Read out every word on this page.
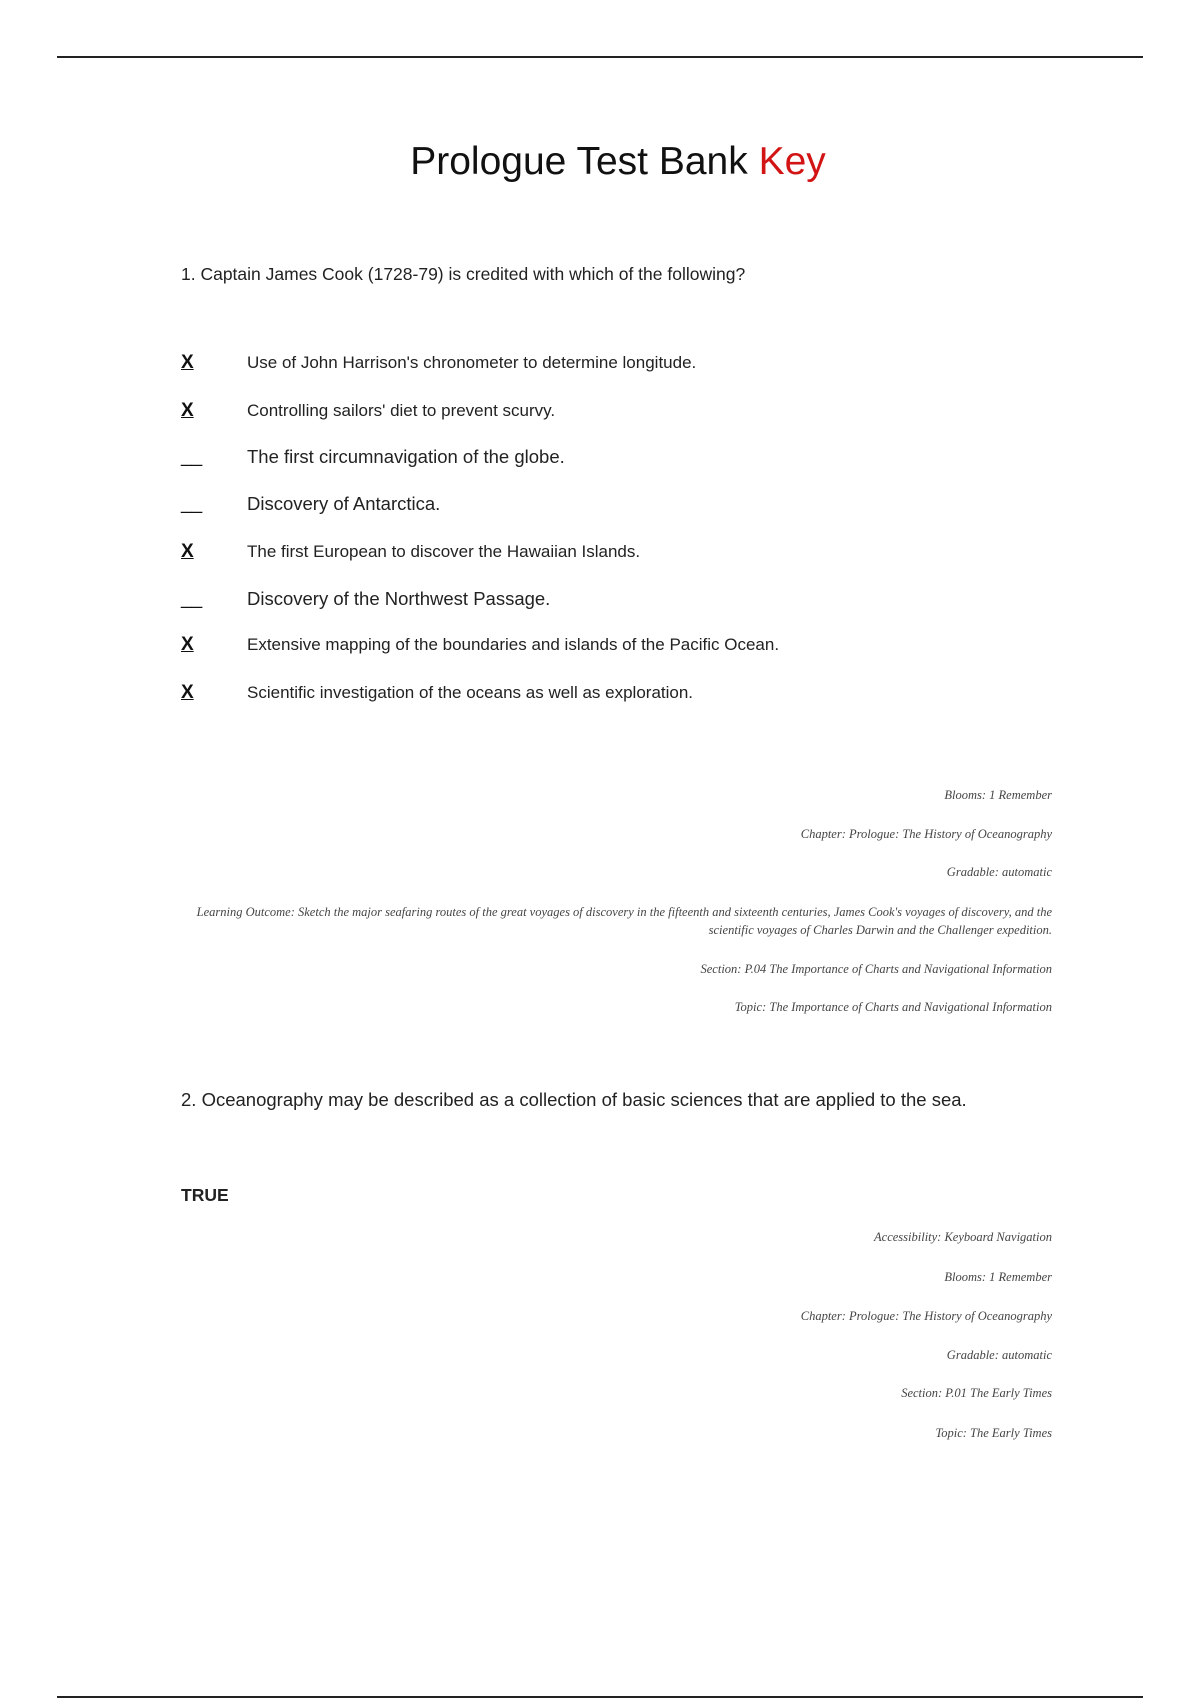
Prologue Test Bank Key
1. Captain James Cook (1728-79) is credited with which of the following?
X	Use of John Harrison's chronometer to determine longitude.
X	Controlling sailors' diet to prevent scurvy.
__	The first circumnavigation of the globe.
__	Discovery of Antarctica.
X	The first European to discover the Hawaiian Islands.
__	Discovery of the Northwest Passage.
X	Extensive mapping of the boundaries and islands of the Pacific Ocean.
X	Scientific investigation of the oceans as well as exploration.
Blooms: 1 Remember
Chapter: Prologue: The History of Oceanography
Gradable: automatic
Learning Outcome: Sketch the major seafaring routes of the great voyages of discovery in the fifteenth and sixteenth centuries, James Cook's voyages of discovery, and the scientific voyages of Charles Darwin and the Challenger expedition.
Section: P.04 The Importance of Charts and Navigational Information
Topic: The Importance of Charts and Navigational Information
2. Oceanography may be described as a collection of basic sciences that are applied to the sea.
TRUE
Accessibility: Keyboard Navigation
Blooms: 1 Remember
Chapter: Prologue: The History of Oceanography
Gradable: automatic
Section: P.01 The Early Times
Topic: The Early Times
